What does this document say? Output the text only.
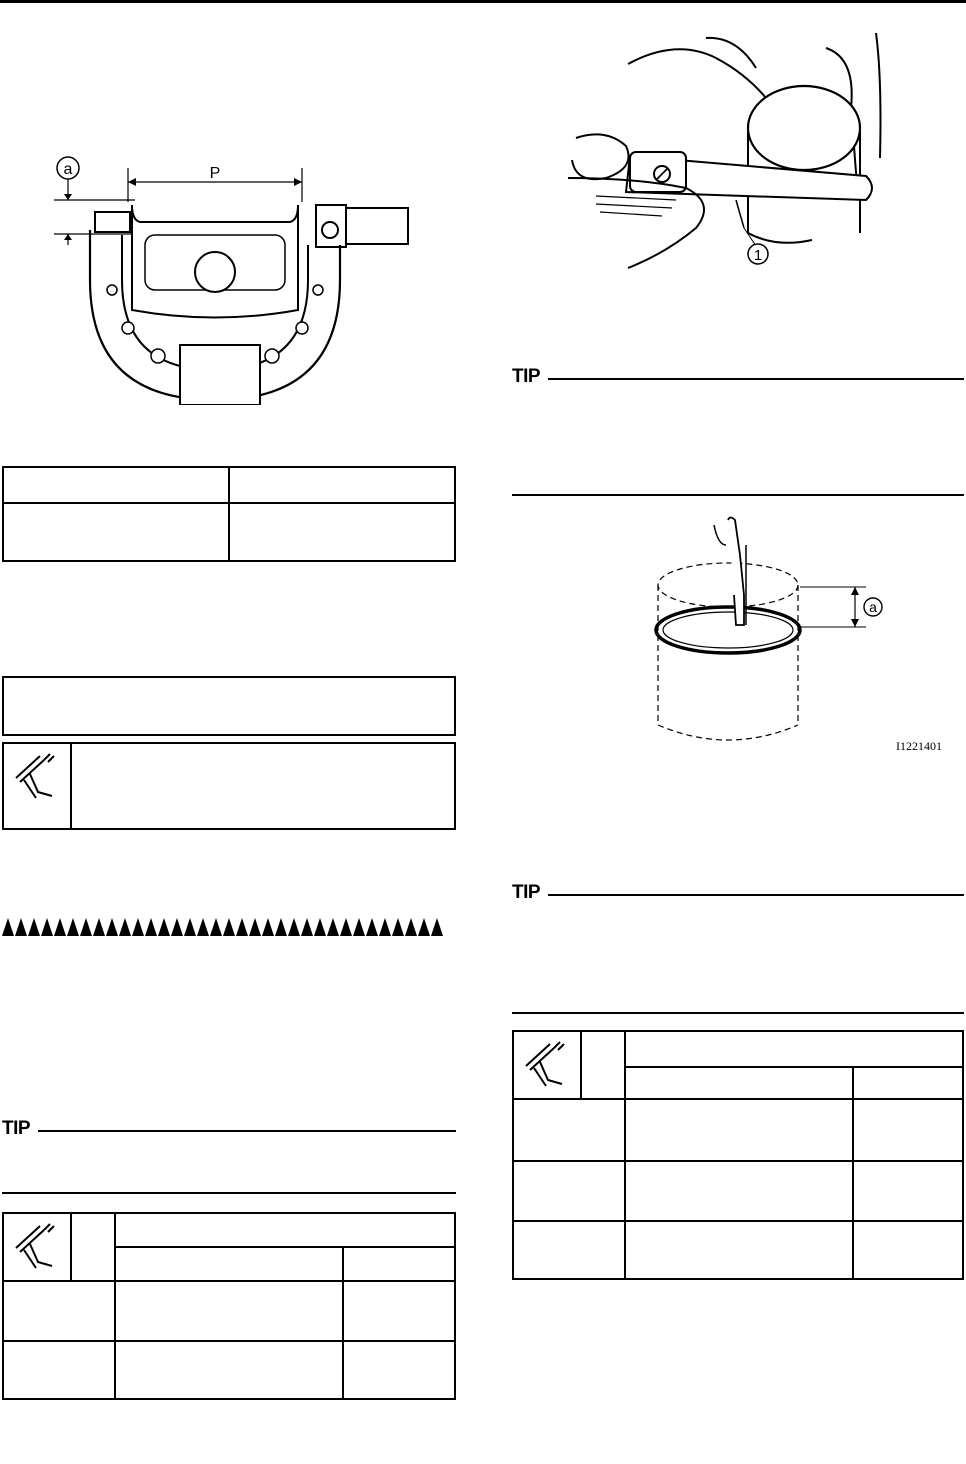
a	P
TIP
1
TIP
a
I1221401
TIP
